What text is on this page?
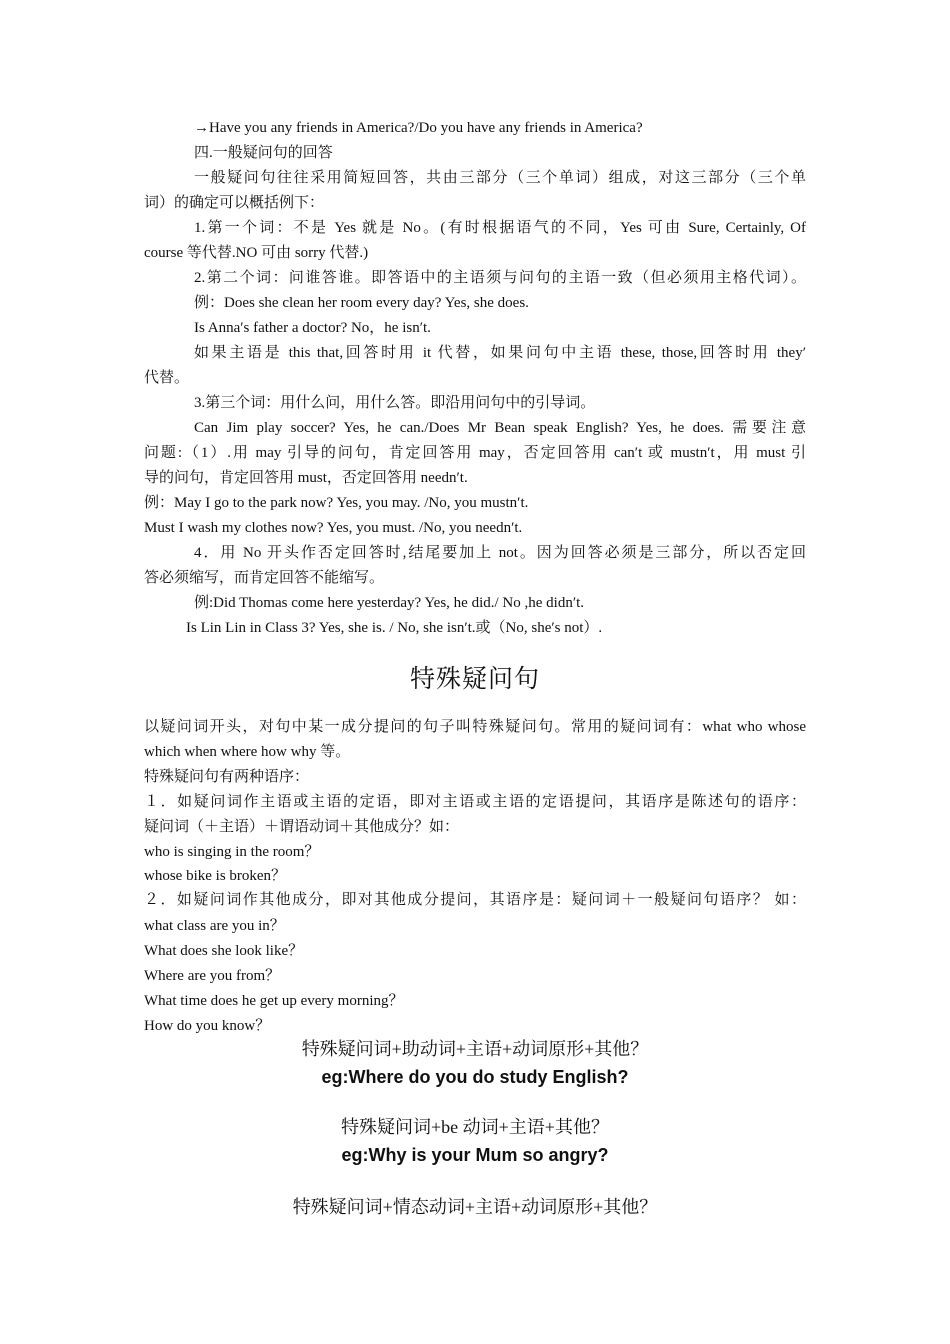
→Have you any friends in America?/Do you have any friends in America?
四.一般疑问句的回答
一般疑问句往往采用简短回答，共由三部分（三个单词）组成，对这三部分（三个单
词）的确定可以概括例下：
1.第一个词：不是 Yes 就是 No。(有时根据语气的不同，Yes 可由 Sure, Certainly, Of
course 等代替.NO 可由 sorry 代替.)
2.第二个词：问谁答谁。即答语中的主语须与问句的主语一致（但必须用主格代词）。
例：Does she clean her room every day? Yes, she does.
Is Anna′s father a doctor? No，he isn′t.
如果主语是 this that,回答时用 it 代替，如果问句中主语 these, those,回答时用 they′
代替。
3.第三个词：用什么问，用什么答。即沿用问句中的引导词。
Can Jim play soccer? Yes, he can./Does Mr Bean speak English? Yes, he does. 需要注意
问题:（1）.用 may 引导的问句，肯定回答用 may，否定回答用 can′t 或 mustn′t，用 must 引
导的问句，肯定回答用 must，否定回答用 needn′t.
例：May I go to the park now? Yes, you may. /No, you mustn′t.
Must I wash my clothes now? Yes, you must. /No, you needn′t.
4．用 No 开头作否定回答时,结尾要加上 not。因为回答必须是三部分，所以否定回
答必须缩写，而肯定回答不能缩写。
例:Did Thomas come here yesterday? Yes, he did./ No ,he didn′t.
Is Lin Lin in Class 3? Yes, she is. / No, she isn′t.或（No, she′s not）.
特殊疑问句
以疑问词开头，对句中某一成分提问的句子叫特殊疑问句。常用的疑问词有：what who whose
which when where how why 等。
特殊疑问句有两种语序：
１．如疑问词作主语或主语的定语，即对主语或主语的定语提问，其语序是陈述句的语序：
疑问词（＋主语）＋谓语动词＋其他成分？如：
who is singing in the room？
whose bike is broken？
２．如疑问词作其他成分，即对其他成分提问，其语序是：疑问词＋一般疑问句语序？ 如：
what class are you in？
What does she look like？
Where are you from？
What time does he get up every morning？
How do you know？
特殊疑问词+助动词+主语+动词原形+其他？
eg:Where do you do study English?
特殊疑问词+be 动词+主语+其他？
eg:Why is your Mum so angry?
特殊疑问词+情态动词+主语+动词原形+其他？
